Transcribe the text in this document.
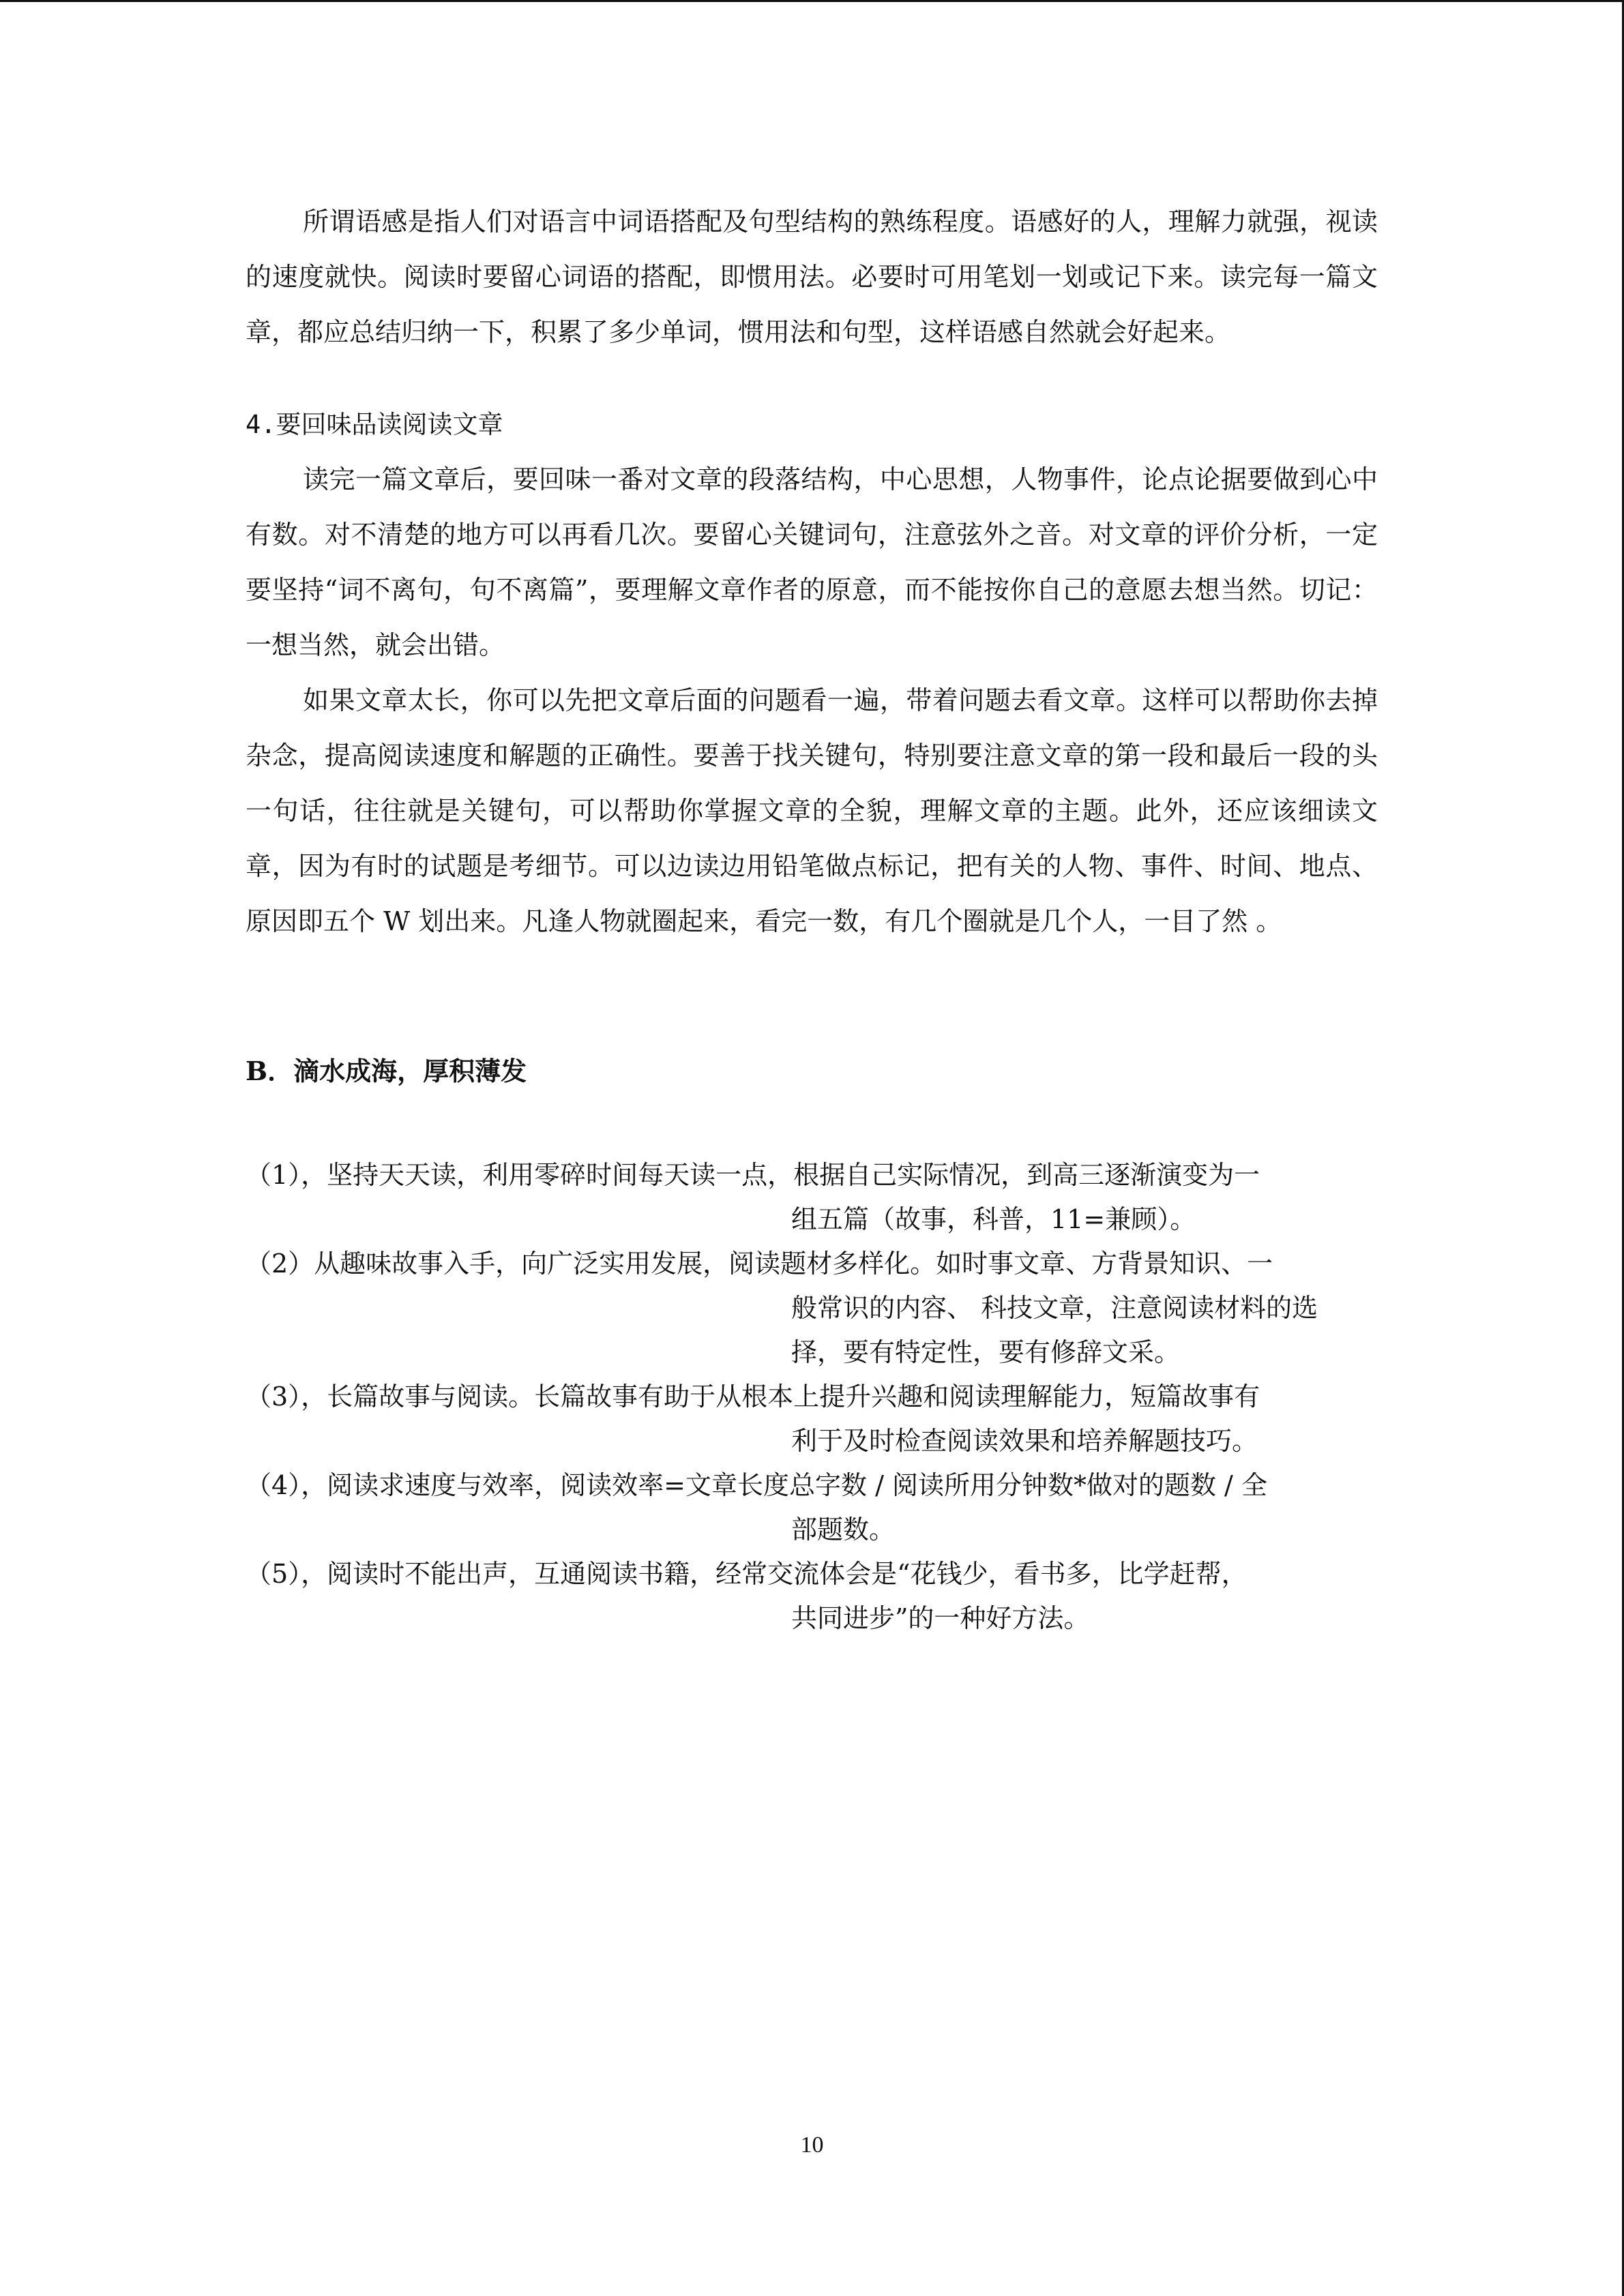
所谓语感是指人们对语言中词语搭配及句型结构的熟练程度。语感好的人，理解力就强，视读的速度就快。阅读时要留心词语的搭配，即惯用法。必要时可用笔划一划或记下来。读完每一篇文章，都应总结归纳一下，积累了多少单词，惯用法和句型，这样语感自然就会好起来。

4.要回味品读阅读文章

读完一篇文章后，要回味一番对文章的段落结构，中心思想，人物事件，论点论据要做到心中有数。对不清楚的地方可以再看几次。要留心关键词句，注意弦外之音。对文章的评价分析，一定要坚持“词不离句，句不离篇”，要理解文章作者的原意，而不能按你自己的意愿去想当然。切记：一想当然，就会出错。

如果文章太长，你可以先把文章后面的问题看一遍，带着问题去看文章。这样可以帮助你去掉杂念，提高阅读速度和解题的正确性。要善于找关键句，特别要注意文章的第一段和最后一段的头一句话，往往就是关键句，可以帮助你掌握文章的全貌，理解文章的主题。此外，还应该细读文章，因为有时的试题是考细节。可以边读边用铅笔做点标记，把有关的人物、事件、时间、地点、原因即五个 W 划出来。凡逢人物就圈起来，看完一数，有几个圈就是几个人，一目了然 。

B．滴水成海，厚积薄发

（1），坚持天天读，利用零碎时间每天读一点，根据自己实际情况，到高三逐渐演变为一
组五篇（故事，科普，11=兼顾）。
（2）从趣味故事入手，向广泛实用发展，阅读题材多样化。如时事文章、方背景知识、一
般常识的内容、 科技文章，注意阅读材料的选
择，要有特定性，要有修辞文采。
（3），长篇故事与阅读。长篇故事有助于从根本上提升兴趣和阅读理解能力，短篇故事有
利于及时检查阅读效果和培养解题技巧。
（4），阅读求速度与效率，阅读效率=文章长度总字数 / 阅读所用分钟数*做对的题数 / 全
部题数。
（5），阅读时不能出声，互通阅读书籍，经常交流体会是“花钱少，看书多，比学赶帮，
共同进步”的一种好方法。
10
